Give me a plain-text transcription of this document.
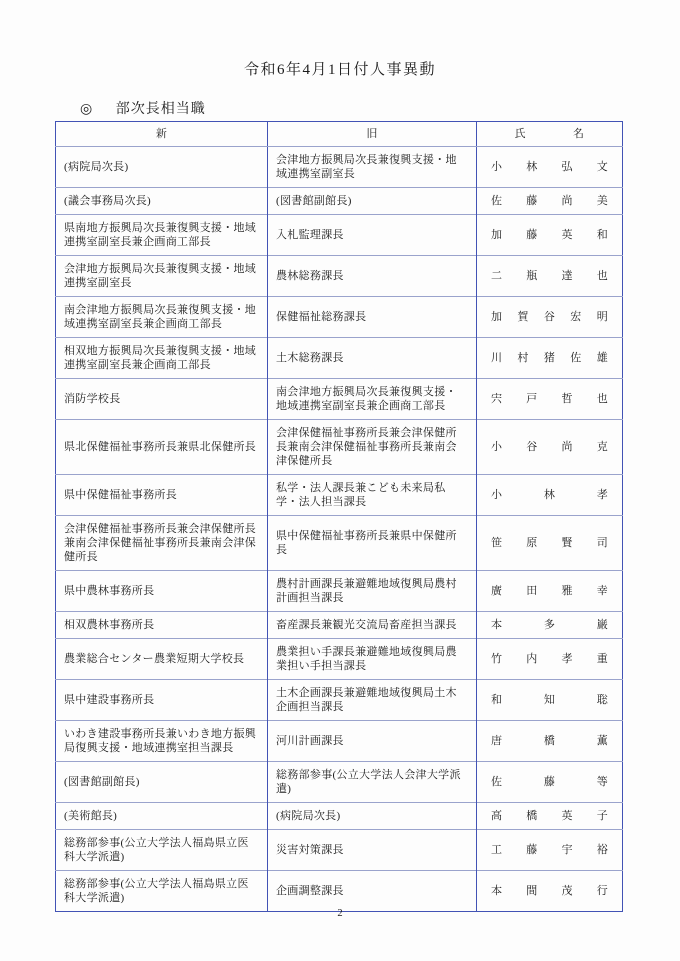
令和6年4月1日付人事異動
◎ 部次長相当職
新	旧	氏 名
(病院局次長)	会津地方振興局次長兼復興支援・地域連携室副室長	小 林 弘 文
(議会事務局次長)	(図書館副館長)	佐 藤 尚 美
県南地方振興局次長兼復興支援・地域連携室副室長兼企画商工部長	入札監理課長	加 藤 英 和
会津地方振興局次長兼復興支援・地域連携室副室長	農林総務課長	二 瓶 達 也
南会津地方振興局次長兼復興支援・地域連携室副室長兼企画商工部長	保健福祉総務課長	加 賀 谷 宏 明
相双地方振興局次長兼復興支援・地域連携室副室長兼企画商工部長	土木総務課長	川 村 猪 佐 雄
消防学校長	南会津地方振興局次長兼復興支援・地域連携室副室長兼企画商工部長	宍 戸 哲 也
県北保健福祉事務所長兼県北保健所長	会津保健福祉事務所長兼会津保健所長兼南会津保健福祉事務所長兼南会津保健所長	小 谷 尚 克
県中保健福祉事務所長	私学・法人課長兼こども未来局私学・法人担当課長	小 林 孝
会津保健福祉事務所長兼会津保健所長兼南会津保健福祉事務所長兼南会津保健所長	県中保健福祉事務所長兼県中保健所長	笹 原 賢 司
県中農林事務所長	農村計画課長兼避難地域復興局農村計画担当課長	廣 田 雅 幸
相双農林事務所長	畜産課長兼観光交流局畜産担当課長	本 多 巌
農業総合センター農業短期大学校長	農業担い手課長兼避難地域復興局農業担い手担当課長	竹 内 孝 重
県中建設事務所長	土木企画課長兼避難地域復興局土木企画担当課長	和 知 聡
いわき建設事務所長兼いわき地方振興局復興支援・地域連携室担当課長	河川計画課長	唐 橋 薫
(図書館副館長)	総務部参事(公立大学法人会津大学派遣)	佐 藤 等
(美術館長)	(病院局次長)	高 橋 英 子
総務部参事(公立大学法人福島県立医科大学派遣)	災害対策課長	工 藤 宇 裕
総務部参事(公立大学法人福島県立医科大学派遣)	企画調整課長	本 間 茂 行
2
